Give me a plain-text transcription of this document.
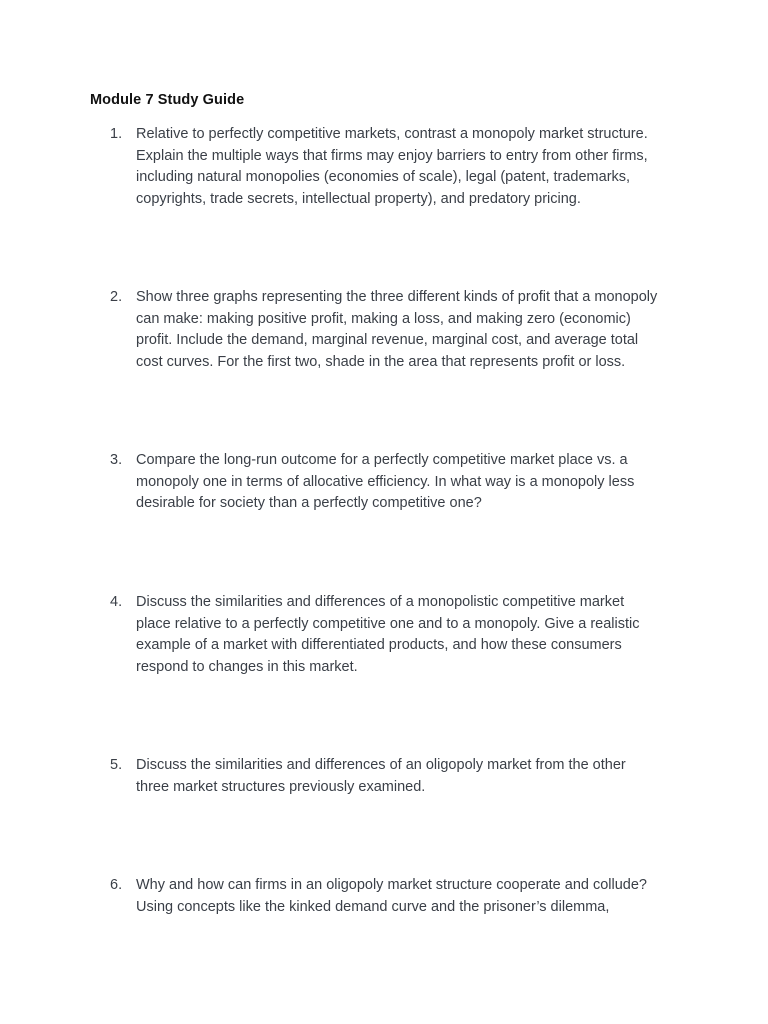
Module 7 Study Guide
1. Relative to perfectly competitive markets, contrast a monopoly market structure.
Explain the multiple ways that firms may enjoy barriers to entry from other firms,
including natural monopolies (economies of scale), legal (patent, trademarks,
copyrights, trade secrets, intellectual property), and predatory pricing.
2. Show three graphs representing the three different kinds of profit that a monopoly
can make: making positive profit, making a loss, and making zero (economic)
profit. Include the demand, marginal revenue, marginal cost, and average total
cost curves. For the first two, shade in the area that represents profit or loss.
3. Compare the long-run outcome for a perfectly competitive market place vs. a
monopoly one in terms of allocative efficiency. In what way is a monopoly less
desirable for society than a perfectly competitive one?
4. Discuss the similarities and differences of a monopolistic competitive market
place relative to a perfectly competitive one and to a monopoly. Give a realistic
example of a market with differentiated products, and how these consumers
respond to changes in this market.
5. Discuss the similarities and differences of an oligopoly market from the other
three market structures previously examined.
6. Why and how can firms in an oligopoly market structure cooperate and collude?
Using concepts like the kinked demand curve and the prisoner’s dilemma,
